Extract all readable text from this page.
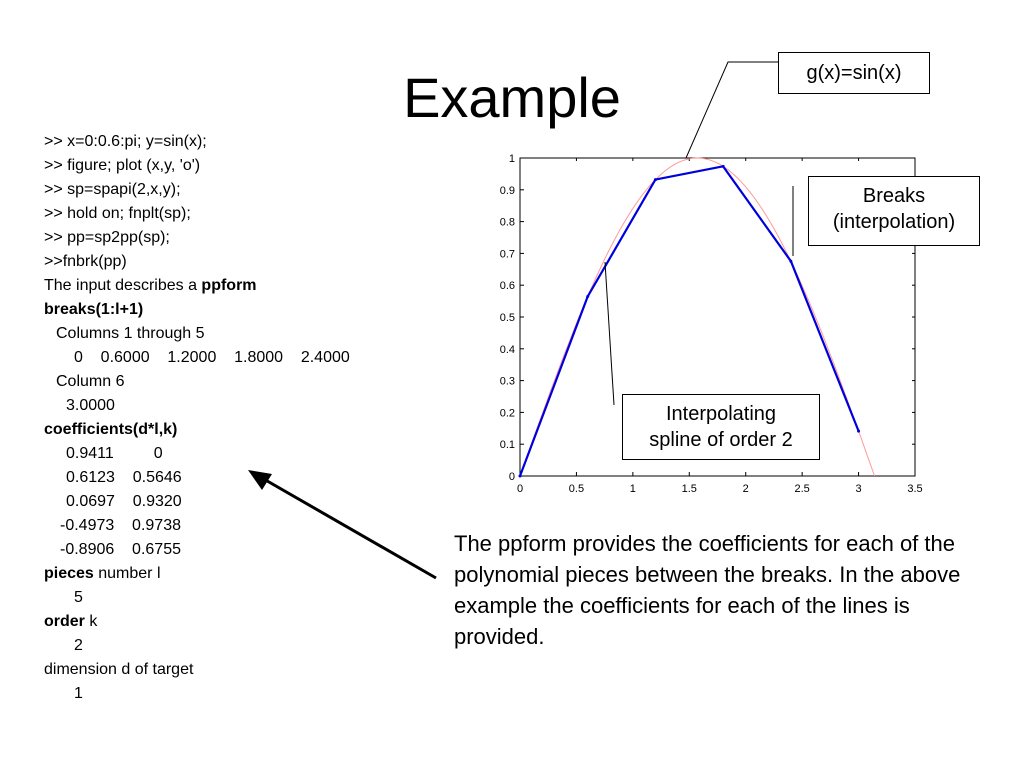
Example
>> x=0:0.6:pi; y=sin(x);
>> figure; plot (x,y, 'o')
>> sp=spapi(2,x,y);
>> hold on; fnplt(sp);
>> pp=sp2pp(sp);
>>fnbrk(pp)
The input describes a ppform
breaks(1:l+1)
Columns 1 through 5
0    0.6000    1.2000    1.8000    2.4000
Column 6
3.0000
coefficients(d*l,k)
0.9411         0
0.6123    0.5646
0.0697    0.9320
-0.4973    0.9738
-0.8906    0.6755
pieces number l
5
order k
2
dimension d of target
1
0	0.5	1	1.5	2	2.5	3	3.5
0
0.1
0.2
0.3
0.4
0.5
0.6
0.7
0.8
0.9
1
g(x)=sin(x)
Breaks
(interpolation)
Interpolating
spline of order 2
The ppform provides the coefficients for each of the polynomial pieces between the breaks. In the above example the coefficients for each of the lines is provided.
